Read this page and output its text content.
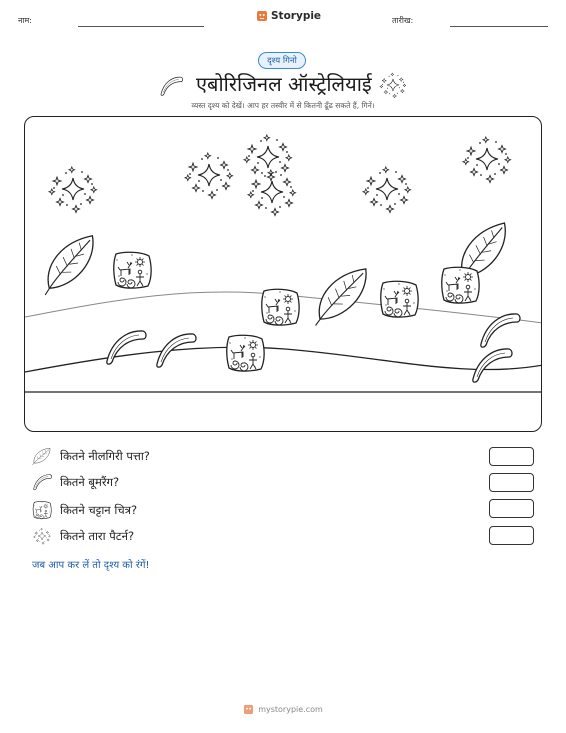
नाम:	Storypie	तारीख:
दृश्य गिनो
एबोरिजिनल ऑस्ट्रेलियाई
व्यस्त दृश्य को देखें। आप हर तस्वीर में से कितनी ढूँढ सकते हैं, गिनें।
कितने नीलगिरी पत्ता?
कितने बूमरैंग?
कितने चट्टान चित्र?
कितने तारा पैटर्न?
जब आप कर लें तो दृश्य को रंगें!
mystorypie.com
